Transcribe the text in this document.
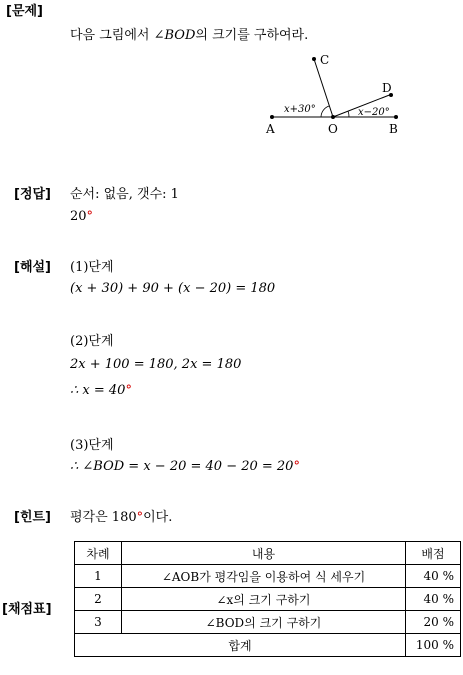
[문제]
다음 그림에서 ∠BOD의 크기를 구하여라.
A	O	B
C
D
x+30°	x−20°
[정답] 순서: 없음, 갯수: 1
20°
[해설] (1)단계
(x + 30) + 90 + (x − 20) = 180
(2)단계
2x + 100 = 180, 2x = 180
∴ x = 40°
(3)단계
∴ ∠BOD = x − 20 = 40 − 20 = 20°
[힌트] 평각은 180°이다.
[채점표]
차례	내용	배점
1	∠AOB가 평각임을 이용하여 식 세우기	40 %
2	∠x의 크기 구하기	40 %
3	∠BOD의 크기 구하기	20 %
합계		100 %
